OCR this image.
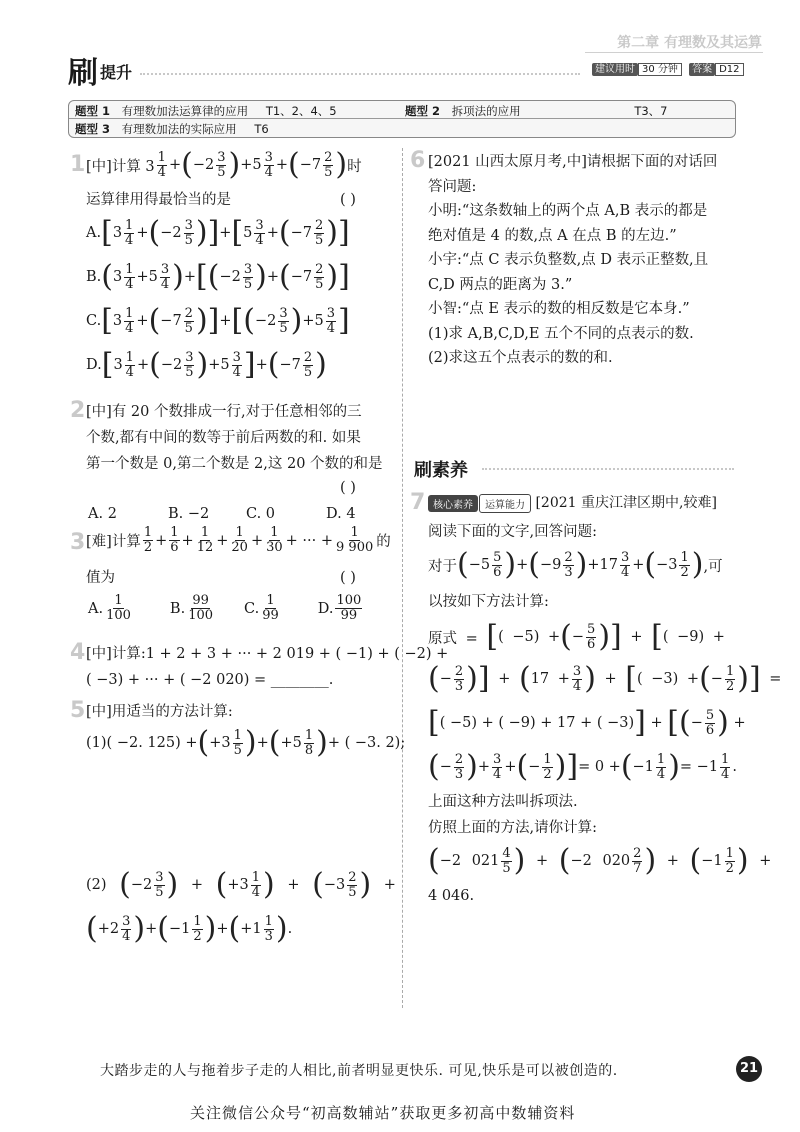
第二章 有理数及其运算
刷 提升	建议用时 30 分钟 答案 D12
题型 1 有理数加法运算律的应用 T1、2、4、5	题型 2 拆项法的应用	T3、7
题型 3 有理数加法的实际应用 T6
1 [中] 计算 $3 \frac{1}{4}$ + ( $-2 \frac{3}{5}$ ) $+5 \frac{3}{4}$ + ( $-7 \frac{2}{5}$ ) 时
运算律用得最恰当的是	( )
A. [ $3 \frac{1}{4}$ + ( $-2 \frac{3}{5}$ ) ] + [ $5 \frac{3}{4}$ + ( $-7 \frac{2}{5}$ ) ]
B. ( $3 \frac{1}{4} +5 \frac{3}{4}$ ) + [ ( $-2 \frac{3}{5}$ ) + ( $-7 \frac{2}{5}$ ) ]
C. [ $3 \frac{1}{4}$ + ( $-7 \frac{2}{5}$ ) ] + [ ( $-2 \frac{3}{5}$ ) $+5 \frac{3}{4}$ ]
D. [ $3 \frac{1}{4}$ + ( $-2 \frac{3}{5}$ ) $+5 \frac{3}{4}$ ] + ( $-7 \frac{2}{5}$ )
2 [中]有 20 个数排成一行,对于任意相邻的三
个数,都有中间的数等于前后两数的和. 如果
第一个数是 0,第二个数是 2,这 20 个数的和是
( )
A. 2	B. −2	C. 0	D. 4
3 [难]计算 $\frac{1}{2} + \frac{1}{6} + \frac{1}{12} + \frac{1}{20} + \frac{1}{30}$ + ··· + $\frac{1}{9 900}$ 的
值为	( )
A. $\frac{1}{100}$	B. $\frac{99}{100} C$. $\frac{1}{99}$	D. $\frac{100}{99}$
4 [中]计算:1 + 2 + 3 + ··· + 2 019 + ( −1) + ( −2) +
( −3) + ··· + ( −2 020) = ________.
5 [中]用适当的方法计算:
(1) ( −2. 125) + ( $+3 \frac{1}{5}$ ) + ( $+5 \frac{1}{8}$ ) + ( −3. 2);
(2)
( $-2 \frac{3}{5}$ ) + ( $+3 \frac{1}{4}$ ) + ( $-3 \frac{2}{5}$ ) +
( $+2 \frac{3}{4}$ ) + ( $-1 \frac{1}{2}$ ) + ( $+1 \frac{1}{3}$ ) .
6 [2021 山西太原月考,中]请根据下面的对话回
答问题:
小明:“这条数轴上的两个点 A,B 表示的都是
绝对值是 4 的数,点 A 在点 B 的左边.”
小宇:“点 C 表示负整数,点 D 表示正整数,且
C,D 两点的距离为 3.”
小智:“点 E 表示的数的相反数是它本身.”
(1)求 A,B,C,D,E 五个不同的点表示的数.
(2)求这五个点表示的数的和.
刷素养
7 核心素养 运算能力 [2021 重庆江津区期中,较难]
阅读下面的文字,回答问题:
对于 ( $-5 \frac{5}{6}$ ) + ( $-9 \frac{2}{3}$ ) $+17 \frac{3}{4}$ + ( $-3 \frac{1}{2}$ ) ,可
以按如下方法计算:
原式 =
[ ( −5) + ( − $\frac{5}{6}$ ) ] + [ ( −9) +
( − $\frac{2}{3}$ ) ] + ( $17 + \frac{3}{4}$ ) + [ ( −3) + ( − $\frac{1}{2}$ ) ] =
[ ( −5) + ( −9) + 17 + ( −3) ] + [ ( − $\frac{5}{6}$ ) +
( − $\frac{2}{3}$ ) + $\frac{3}{4}$ + ( − $\frac{1}{2}$ ) ] = 0 + ( $-1 \frac{1}{4}$ ) = $-1 \frac{1}{4}$ .
上面这种方法叫拆项法.
仿照上面的方法,请你计算:
( −2 $021 \frac{4}{5}$ ) + ( −2 $020 \frac{2}{7}$ ) + ( $-1 \frac{1}{2}$ ) +
4 046.
大踏步走的人与拖着步子走的人相比,前者明显更快乐. 可见,快乐是可以被创造的.	21
关注微信公众号“初高数辅站”获取更多初高中数辅资料
